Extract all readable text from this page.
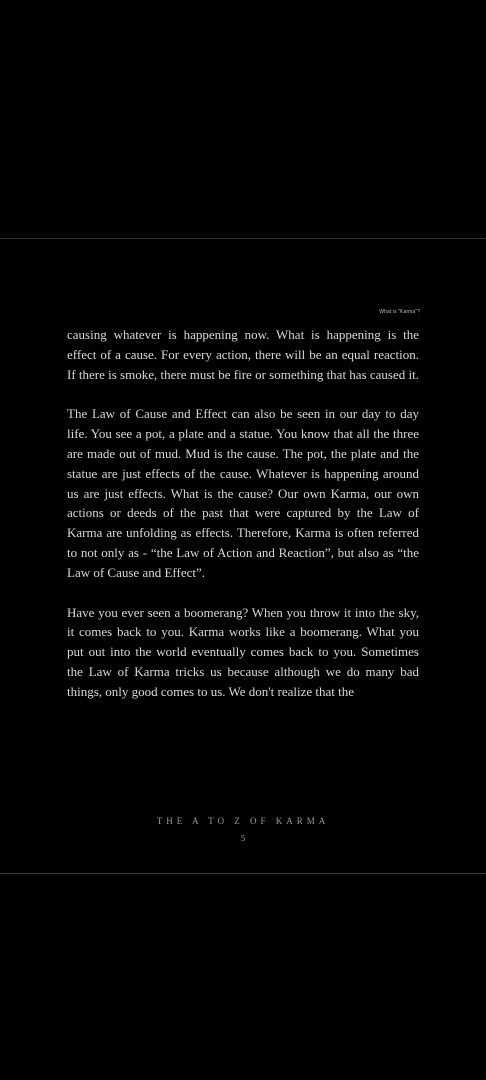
What is "Karma"?

causing whatever is happening now. What is happening is the effect of a cause. For every action, there will be an equal reaction. If there is smoke, there must be fire or something that has caused it.

The Law of Cause and Effect can also be seen in our day to day life. You see a pot, a plate and a statue. You know that all the three are made out of mud. Mud is the cause. The pot, the plate and the statue are just effects of the cause. Whatever is happening around us are just effects. What is the cause? Our own Karma, our own actions or deeds of the past that were captured by the Law of Karma are unfolding as effects. Therefore, Karma is often referred to not only as - “the Law of Action and Reaction”, but also as “the Law of Cause and Effect”.

Have you ever seen a boomerang? When you throw it into the sky, it comes back to you. Karma works like a boomerang. What you put out into the world eventually comes back to you. Sometimes the Law of Karma tricks us because although we do many bad things, only good comes to us. We don't realize that the

THE A TO Z OF KARMA
5
